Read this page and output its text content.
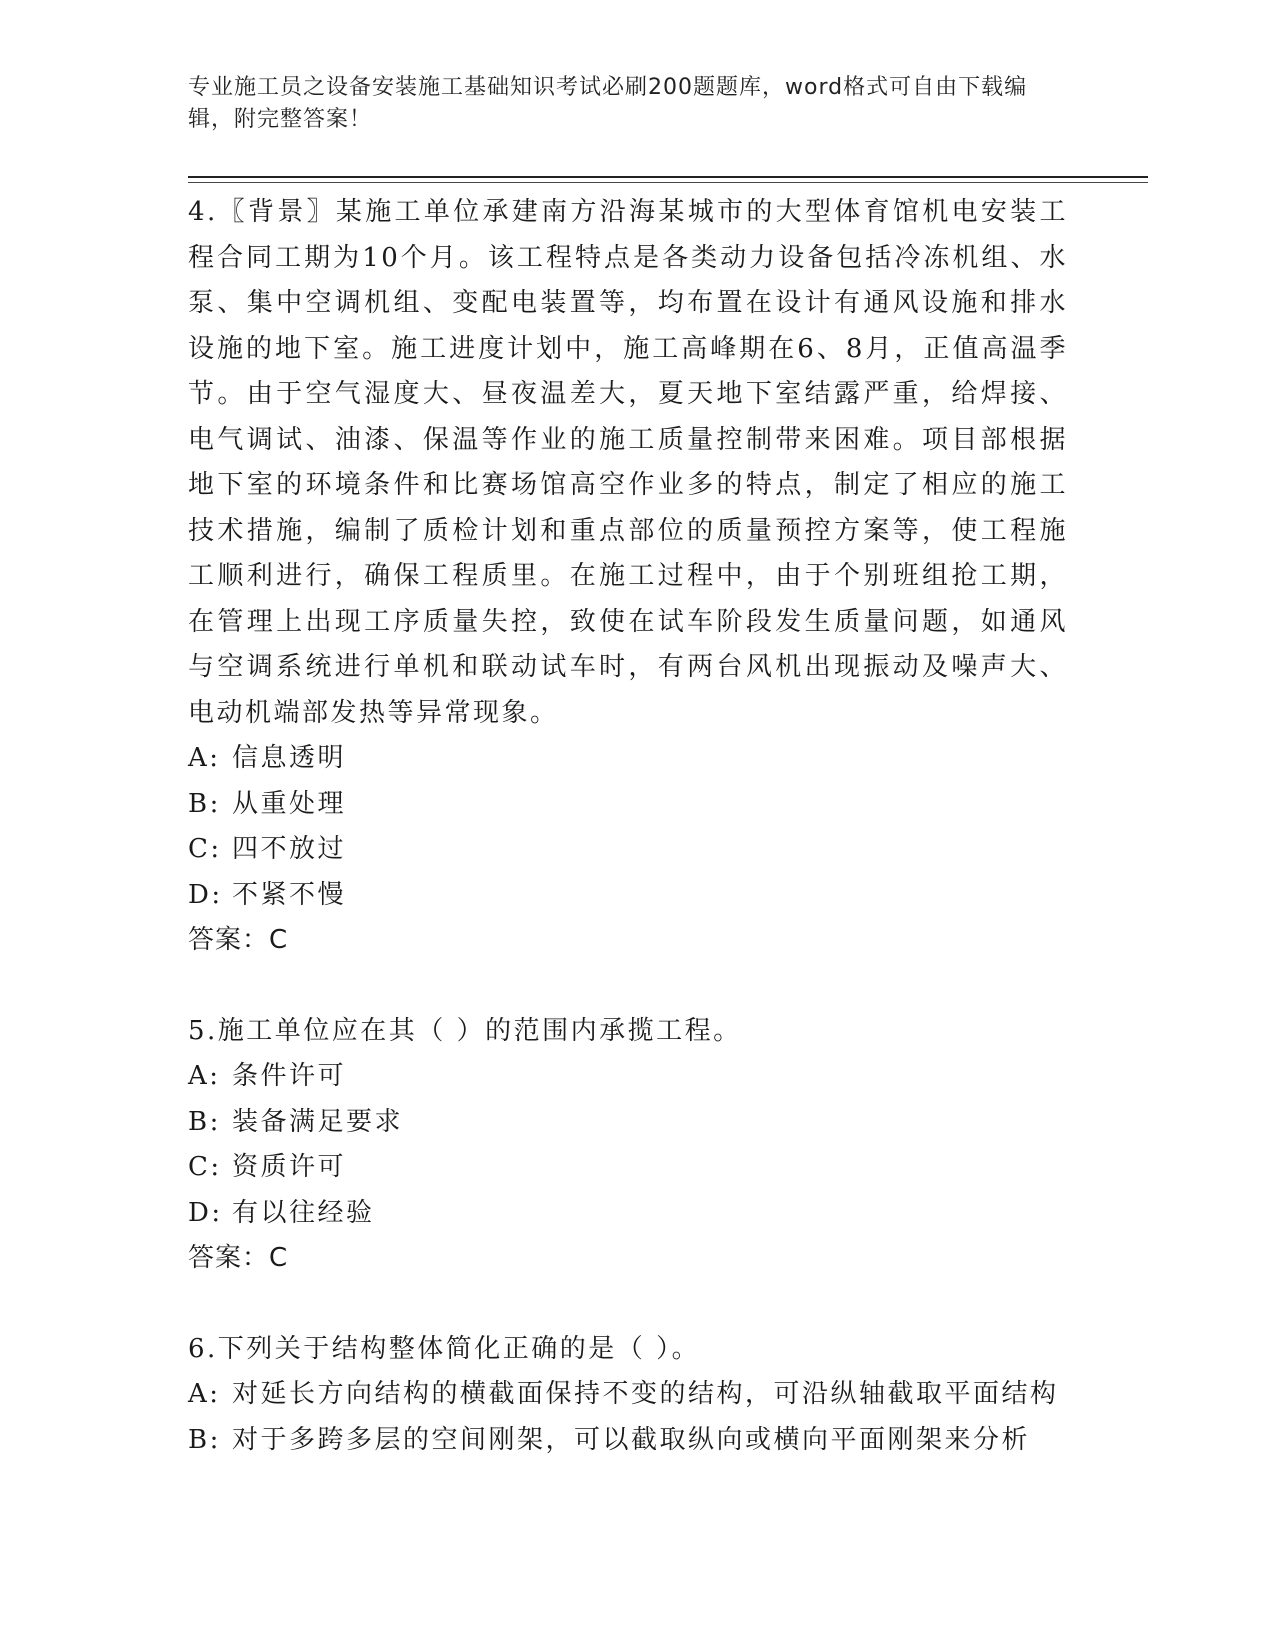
专业施工员之设备安装施工基础知识考试必刷200题题库，word格式可自由下载编辑，附完整答案！

4.〖背景〗某施工单位承建南方沿海某城市的大型体育馆机电安装工程合同工期为10个月。该工程特点是各类动力设备包括冷冻机组、水泵、集中空调机组、变配电装置等，均布置在设计有通风设施和排水设施的地下室。施工进度计划中，施工高峰期在6、8月，正值高温季节。由于空气湿度大、昼夜温差大，夏天地下室结露严重，给焊接、电气调试、油漆、保温等作业的施工质量控制带来困难。项目部根据地下室的环境条件和比赛场馆高空作业多的特点，制定了相应的施工技术措施，编制了质检计划和重点部位的质量预控方案等，使工程施工顺利进行，确保工程质里。在施工过程中，由于个别班组抢工期，在管理上出现工序质量失控，致使在试车阶段发生质量问题，如通风与空调系统进行单机和联动试车时，有两台风机出现振动及噪声大、电动机端部发热等异常现象。

A: 信息透明

B: 从重处理

C: 四不放过

D: 不紧不慢

答案：C

5.施工单位应在其（ ）的范围内承揽工程。

A: 条件许可

B: 装备满足要求

C: 资质许可

D: 有以往经验

答案：C

6.下列关于结构整体简化正确的是（ ）。

A: 对延长方向结构的横截面保持不变的结构，可沿纵轴截取平面结构

B: 对于多跨多层的空间刚架，可以截取纵向或横向平面刚架来分析
